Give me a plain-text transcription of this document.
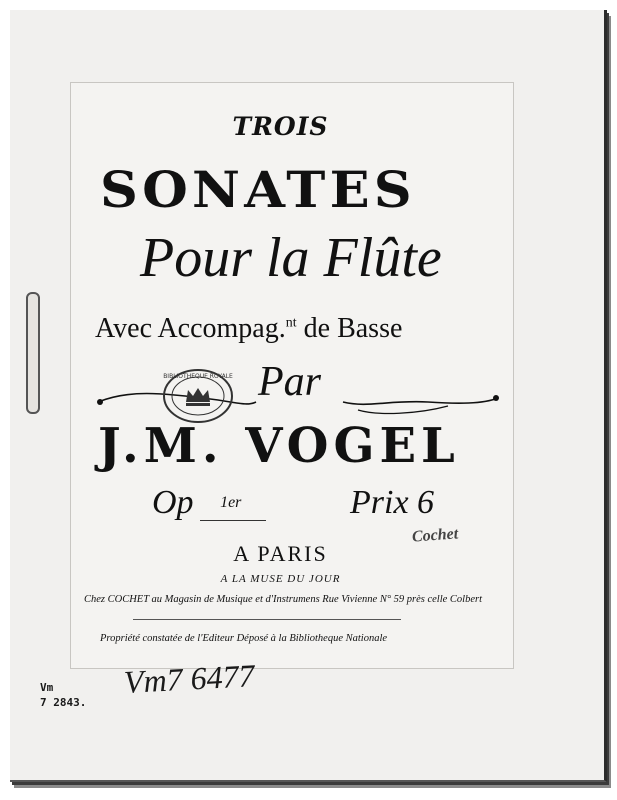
TROIS
SONATES
Pour la Flûte
Avec Accompag.$^{nt}$ de Basse
Par
BIBLIOTHEQUE ROYALE
J.M. VOGEL
Op 1er	Prix 6
Cochet
A PARIS
A LA MUSE DU JOUR
Chez COCHET au Magasin de Musique et d'Instrumens Rue Vivienne N° 59 près celle Colbert
Propriété constatée de l'Editeur Déposé à la Bibliotheque Nationale
Vm7 6477
Vm
7 2843.
